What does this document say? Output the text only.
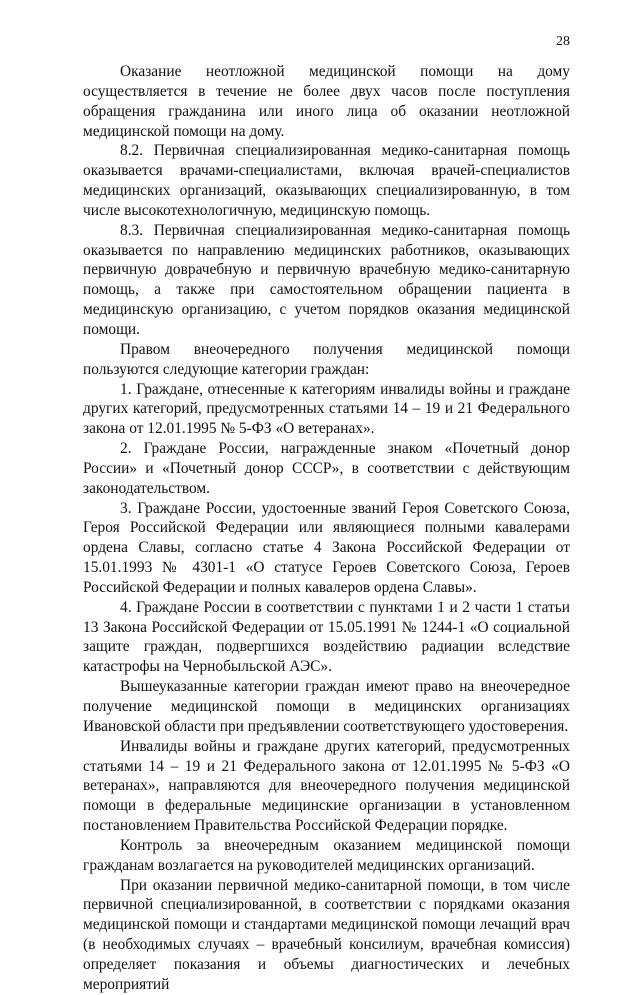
28

Оказание неотложной медицинской помощи на дому осуществляется в течение не более двух часов после поступления обращения гражданина или иного лица об оказании неотложной медицинской помощи на дому.

8.2. Первичная специализированная медико-санитарная помощь оказывается врачами-специалистами, включая врачей-специалистов медицинских организаций, оказывающих специализированную, в том числе высокотехнологичную, медицинскую помощь.

8.3. Первичная специализированная медико-санитарная помощь оказывается по направлению медицинских работников, оказывающих первичную доврачебную и первичную врачебную медико-санитарную помощь, а также при самостоятельном обращении пациента в медицинскую организацию, с учетом порядков оказания медицинской помощи.

Правом внеочередного получения медицинской помощи пользуются следующие категории граждан:

1. Граждане, отнесенные к категориям инвалиды войны и граждане других категорий, предусмотренных статьями 14 – 19 и 21 Федерального закона от 12.01.1995 № 5-ФЗ «О ветеранах».

2. Граждане России, награжденные знаком «Почетный донор России» и «Почетный донор СССР», в соответствии с действующим законодательством.

3. Граждане России, удостоенные званий Героя Советского Союза, Героя Российской Федерации или являющиеся полными кавалерами ордена Славы, согласно статье 4 Закона Российской Федерации от 15.01.1993 № 4301-1 «О статусе Героев Советского Союза, Героев Российской Федерации и полных кавалеров ордена Славы».

4. Граждане России в соответствии с пунктами 1 и 2 части 1 статьи 13 Закона Российской Федерации от 15.05.1991 № 1244-1 «О социальной защите граждан, подвергшихся воздействию радиации вследствие катастрофы на Чернобыльской АЭС».

Вышеуказанные категории граждан имеют право на внеочередное получение медицинской помощи в медицинских организациях Ивановской области при предъявлении соответствующего удостоверения.

Инвалиды войны и граждане других категорий, предусмотренных статьями 14 – 19 и 21 Федерального закона от 12.01.1995 № 5-ФЗ «О ветеранах», направляются для внеочередного получения медицинской помощи в федеральные медицинские организации в установленном постановлением Правительства Российской Федерации порядке.

Контроль за внеочередным оказанием медицинской помощи гражданам возлагается на руководителей медицинских организаций.

При оказании первичной медико-санитарной помощи, в том числе первичной специализированной, в соответствии с порядками оказания медицинской помощи и стандартами медицинской помощи лечащий врач (в необходимых случаях – врачебный консилиум, врачебная комиссия) определяет показания и объемы диагностических и лечебных мероприятий
